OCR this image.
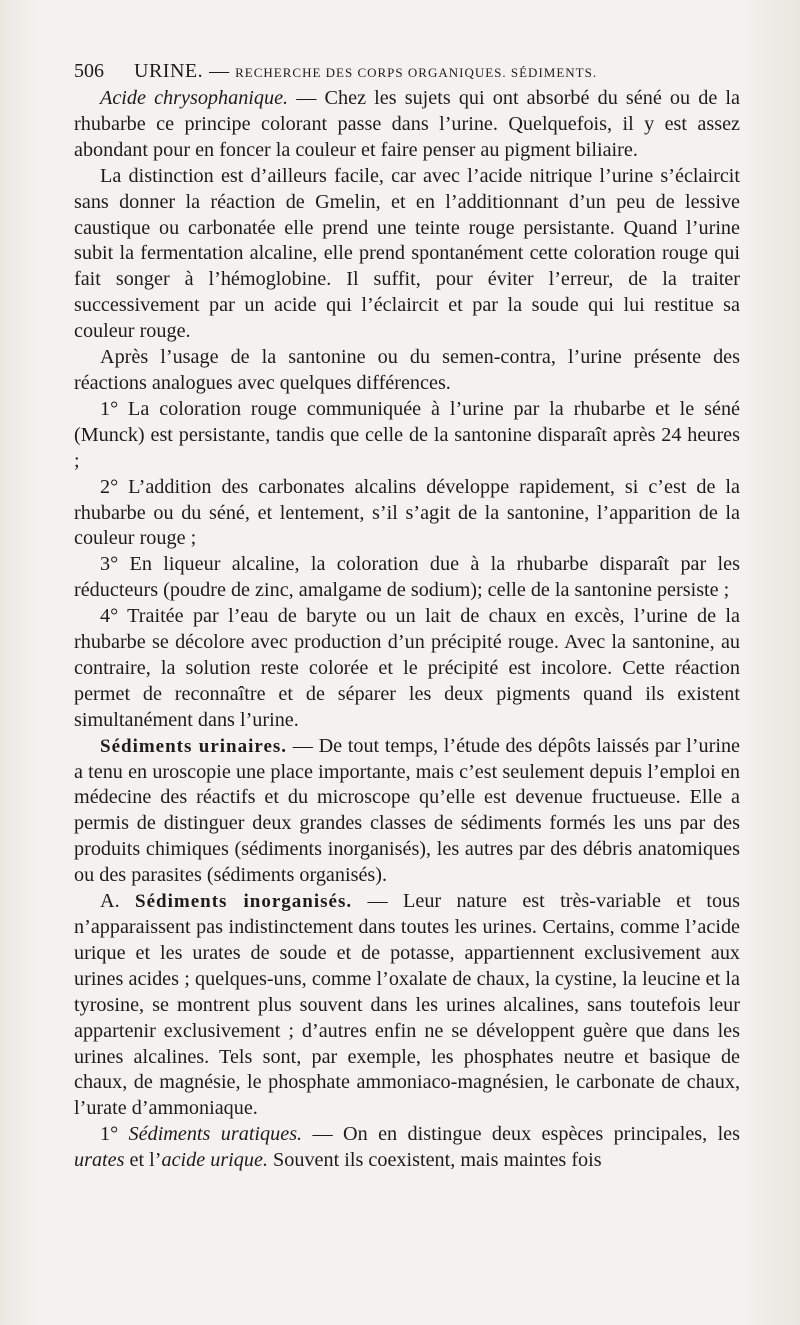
506 URINE. — RECHERCHE DES CORPS ORGANIQUES. SÉDIMENTS.

Acide chrysophanique. — Chez les sujets qui ont absorbé du séné ou de la rhubarbe ce principe colorant passe dans l’urine. Quelquefois, il y est assez abondant pour en foncer la couleur et faire penser au pigment biliaire.

La distinction est d’ailleurs facile, car avec l’acide nitrique l’urine s’éclaircit sans donner la réaction de Gmelin, et en l’additionnant d’un peu de lessive caustique ou carbonatée elle prend une teinte rouge persistante. Quand l’urine subit la fermentation alcaline, elle prend spontanément cette coloration rouge qui fait songer à l’hémoglobine. Il suffit, pour éviter l’erreur, de la traiter successivement par un acide qui l’éclaircit et par la soude qui lui restitue sa couleur rouge.

Après l’usage de la santonine ou du semen-contra, l’urine présente des réactions analogues avec quelques différences.

1° La coloration rouge communiquée à l’urine par la rhubarbe et le séné (Munck) est persistante, tandis que celle de la santonine disparaît après 24 heures ;

2° L’addition des carbonates alcalins développe rapidement, si c’est de la rhubarbe ou du séné, et lentement, s’il s’agit de la santonine, l’apparition de la couleur rouge ;

3° En liqueur alcaline, la coloration due à la rhubarbe disparaît par les réducteurs (poudre de zinc, amalgame de sodium); celle de la santonine persiste ;

4° Traitée par l’eau de baryte ou un lait de chaux en excès, l’urine de la rhubarbe se décolore avec production d’un précipité rouge. Avec la santonine, au contraire, la solution reste colorée et le précipité est incolore. Cette réaction permet de reconnaître et de séparer les deux pigments quand ils existent simultanément dans l’urine.

Sédiments urinaires. — De tout temps, l’étude des dépôts laissés par l’urine a tenu en uroscopie une place importante, mais c’est seulement depuis l’emploi en médecine des réactifs et du microscope qu’elle est devenue fructueuse. Elle a permis de distinguer deux grandes classes de sédiments formés les uns par des produits chimiques (sédiments inorganisés), les autres par des débris anatomiques ou des parasites (sédiments organisés).

A. Sédiments inorganisés. — Leur nature est très-variable et tous n’apparaissent pas indistinctement dans toutes les urines. Certains, comme l’acide urique et les urates de soude et de potasse, appartiennent exclusivement aux urines acides ; quelques-uns, comme l’oxalate de chaux, la cystine, la leucine et la tyrosine, se montrent plus souvent dans les urines alcalines, sans toutefois leur appartenir exclusivement ; d’autres enfin ne se développent guère que dans les urines alcalines. Tels sont, par exemple, les phosphates neutre et basique de chaux, de magnésie, le phosphate ammoniaco-magnésien, le carbonate de chaux, l’urate d’ammoniaque.

1° Sédiments uratiques. — On en distingue deux espèces principales, les urates et l’acide urique. Souvent ils coexistent, mais maintes fois
